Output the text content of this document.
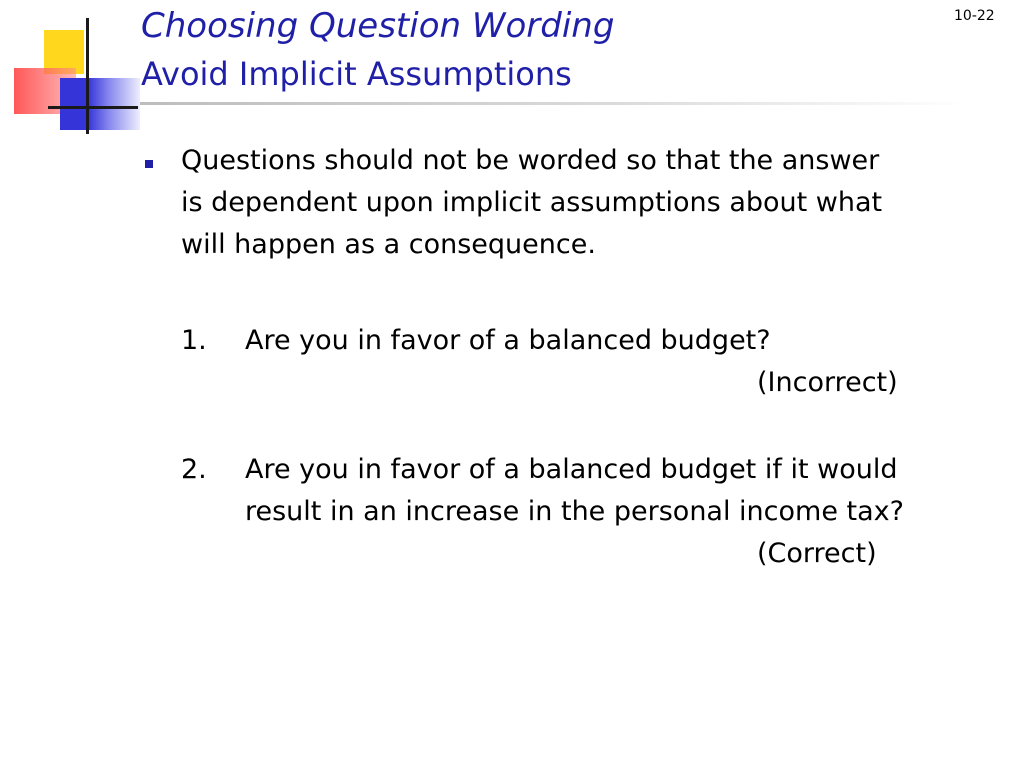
Choosing Question Wording
Avoid Implicit Assumptions
10-22
Questions should not be worded so that the answer
is dependent upon implicit assumptions about what
will happen as a consequence.
1. Are you in favor of a balanced budget?
(Incorrect)
2. Are you in favor of a balanced budget if it would
result in an increase in the personal income tax?
(Correct)
